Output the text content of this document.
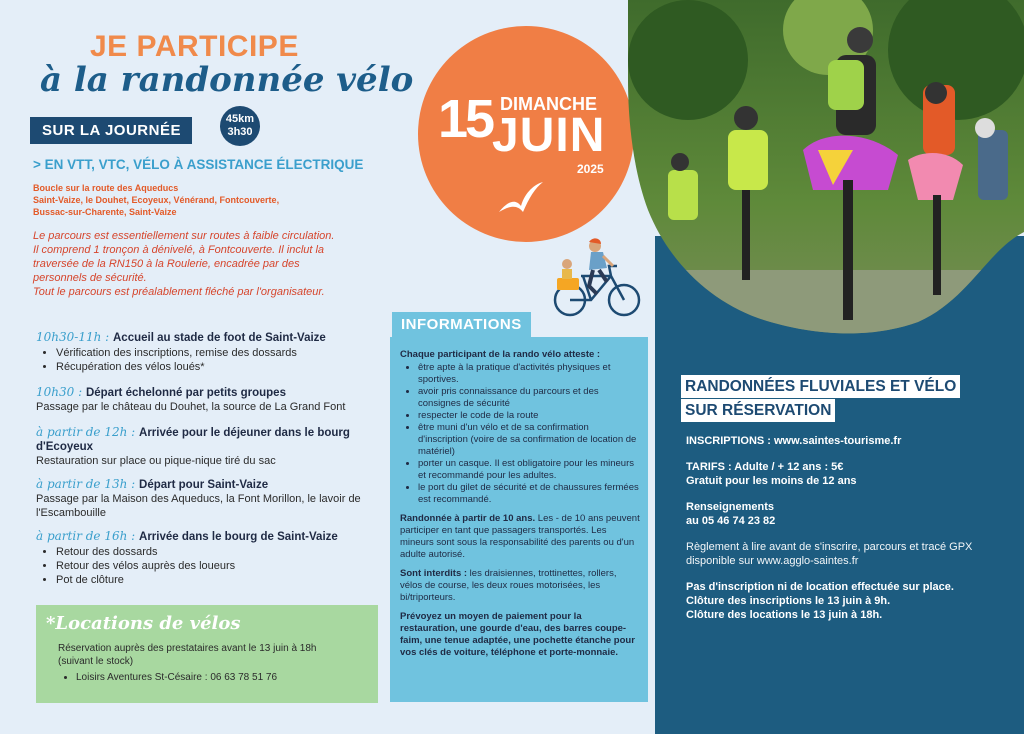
JE PARTICIPE
à la randonnée vélo
SUR LA JOURNÉE
45km
3h30
> EN VTT, VTC, VÉLO À ASSISTANCE ÉLECTRIQUE
Boucle sur la route des Aqueducs
Saint-Vaize, le Douhet, Ecoyeux, Vénérand, Fontcouverte,
Bussac-sur-Charente, Saint-Vaize
Le parcours est essentiellement sur routes à faible circulation.
Il comprend 1 tronçon à dénivelé, à Fontcouverte. Il inclut la
traversée de la RN150 à la Roulerie, encadrée par des
personnels de sécurité.
Tout le parcours est préalablement fléché par l'organisateur.
10h30-11h : Accueil au stade de foot de Saint-Vaize
• Vérification des inscriptions, remise des dossards
• Récupération des vélos loués*
10h30 : Départ échelonné par petits groupes
Passage par le château du Douhet, la source de La Grand Font
à partir de 12h : Arrivée pour le déjeuner dans le bourg d'Ecoyeux
Restauration sur place ou pique-nique tiré du sac
à partir de 13h : Départ pour Saint-Vaize
Passage par la Maison des Aqueducs, la Font Morillon, le lavoir de l'Escambouille
à partir de 16h : Arrivée dans le bourg de Saint-Vaize
• Retour des dossards
• Retour des vélos auprès des loueurs
• Pot de clôture
*Locations de vélos
Réservation auprès des prestataires avant le 13 juin à 18h
(suivant le stock)
• Loisirs Aventures St-Césaire : 06 63 78 51 76
15 DIMANCHE
JUIN
2025

Chaque participant de la rando vélo atteste :

• être apte à la pratique d'activités physiques et sportives.
• avoir pris connaissance du parcours et des consignes de sécurité
• respecter le code de la route
• être muni d'un vélo et de sa confirmation d'inscription (voire de sa confirmation de location de matériel)
• porter un casque. Il est obligatoire pour les mineurs et recommandé pour les adultes.
• le port du gilet de sécurité et de chaussures fermées est recommandé.

Randonnée à partir de 10 ans. Les - de 10 ans peuvent participer en tant que passagers transportés. Les mineurs sont sous la responsabilité des parents ou d'un adulte autorisé.

Sont interdits : les draisiennes, trottinettes, rollers, vélos de course, les deux roues motorisées, les bi/triporteurs.

Prévoyez un moyen de paiement pour la restauration, une gourde d'eau, des barres coupe-faim, une tenue adaptée, une pochette étanche pour vos clés de voiture, téléphone et porte-monnaie.

INFORMATIONS
RANDONNÉES FLUVIALES ET VÉLO
SUR RÉSERVATION

INSCRIPTIONS : www.saintes-tourisme.fr

TARIFS : Adulte / + 12 ans : 5€
Gratuit pour les moins de 12 ans

Renseignements
au 05 46 74 23 82

Règlement à lire avant de s'inscrire, parcours et tracé GPX disponible sur www.agglo-saintes.fr

Pas d'inscription ni de location effectuée sur place.
Clôture des inscriptions le 13 juin à 9h.
Clôture des locations le 13 juin à 18h.
